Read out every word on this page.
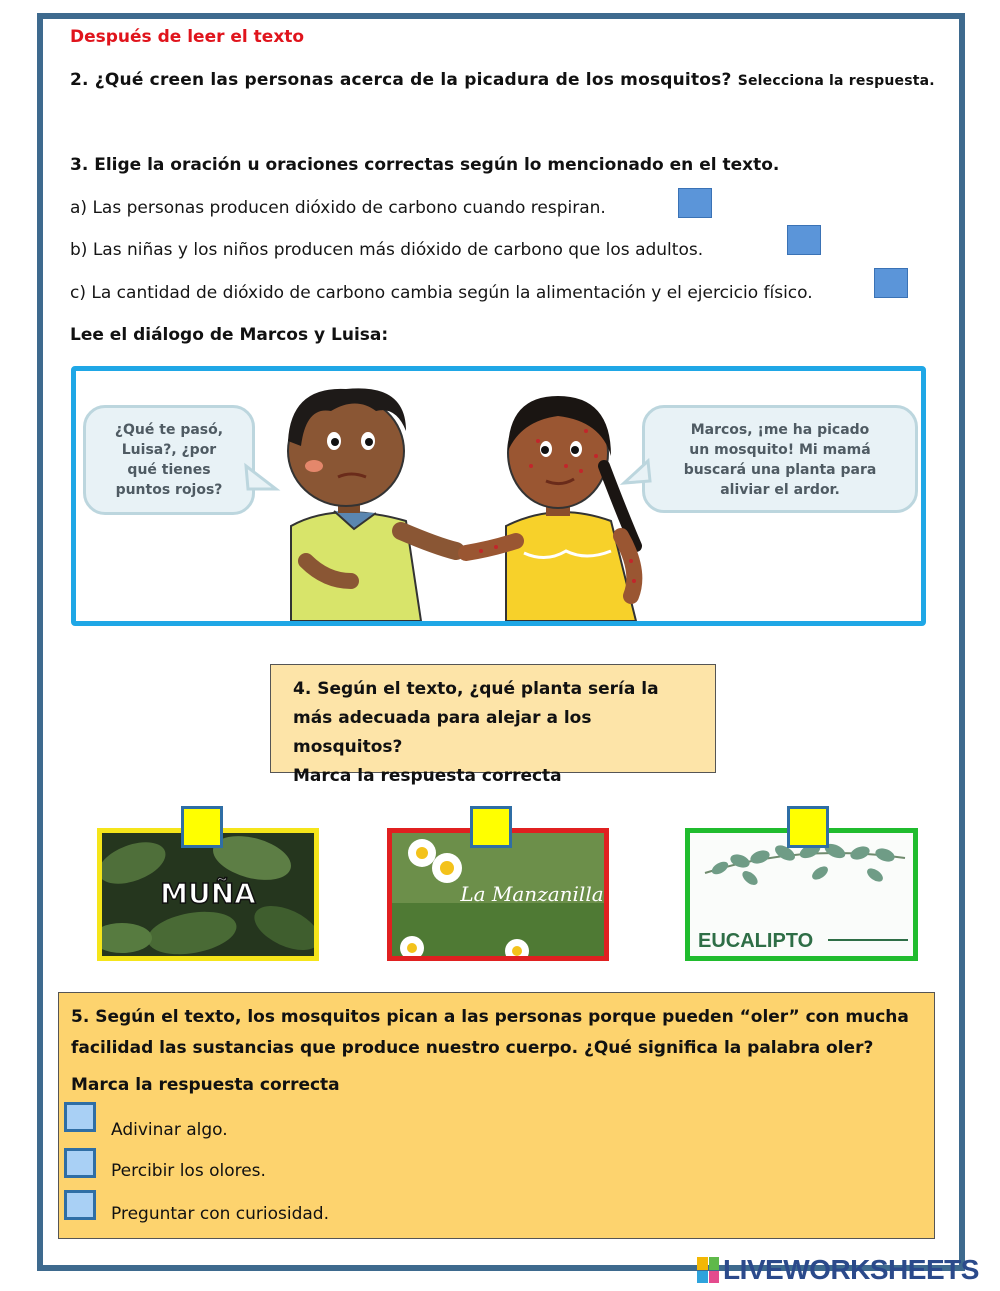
Después de leer el texto
2. ¿Qué creen las personas acerca de la picadura de los mosquitos? Selecciona la respuesta.
3. Elige la oración u oraciones correctas según lo mencionado en el texto.
a) Las personas producen dióxido de carbono cuando respiran.
b) Las niñas y los niños producen más dióxido de carbono que los adultos.
c) La cantidad de dióxido de carbono cambia según la alimentación y el ejercicio físico.
Lee el diálogo de Marcos y Luisa:
¿Qué te pasó,
Luisa?, ¿por
qué tienes
puntos rojos?
Marcos, ¡me ha picado
un mosquito! Mi mamá
buscará una planta para
aliviar el ardor.
4. Según el texto, ¿qué planta sería la
más adecuada para alejar a los mosquitos?
Marca la respuesta correcta
MUÑA	La Manzanilla
EUCALIPTO
5. Según el texto, los mosquitos pican a las personas porque pueden “oler” con mucha facilidad las sustancias que produce nuestro cuerpo. ¿Qué significa la palabra oler?
Marca la respuesta correcta
Adivinar algo.
Percibir los olores.
Preguntar con curiosidad.
LIVEWORKSHEETS
